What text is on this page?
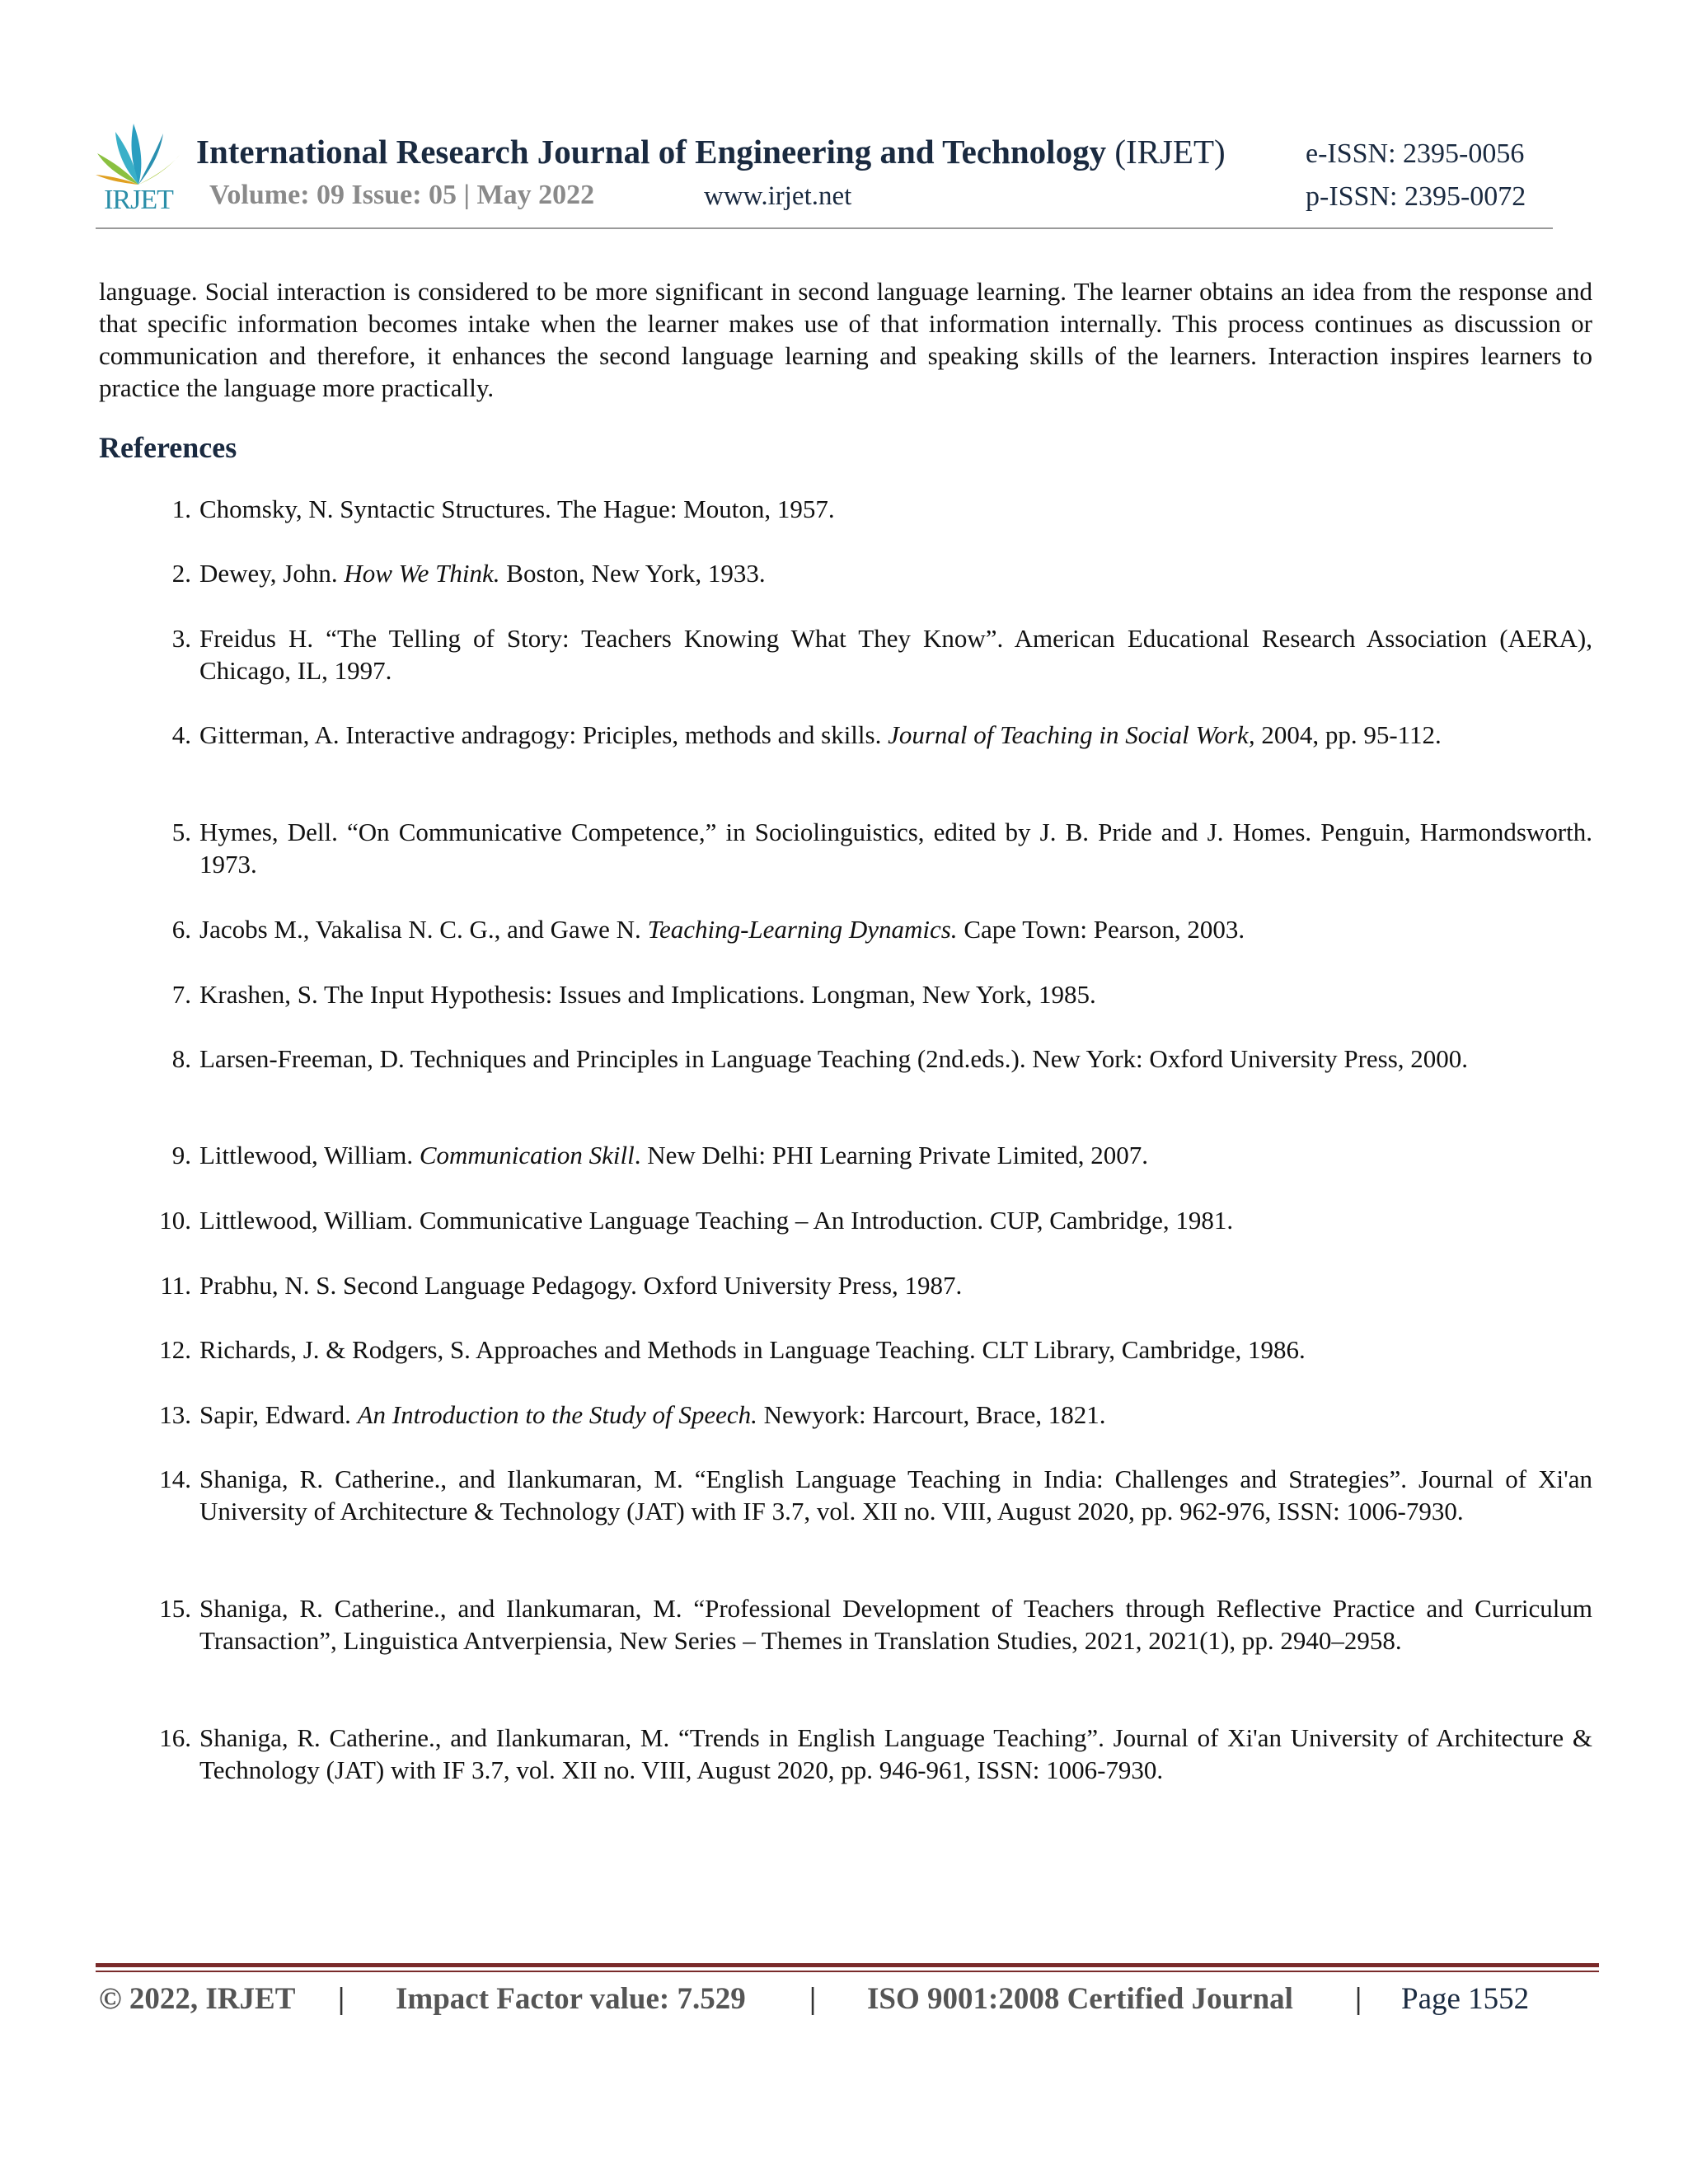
IRJET
International Research Journal of Engineering and Technology (IRJET)	e-ISSN: 2395-0056
Volume: 09 Issue: 05 | May 2022	www.irjet.net	p-ISSN: 2395-0072
language. Social interaction is considered to be more significant in second language learning. The learner obtains an idea from the response and that specific information becomes intake when the learner makes use of that information internally. This process continues as discussion or communication and therefore, it enhances the second language learning and speaking skills of the learners. Interaction inspires learners to practice the language more practically.
References
1. Chomsky, N. Syntactic Structures. The Hague: Mouton, 1957.
2. Dewey, John. How We Think. Boston, New York, 1933.
3. Freidus H. “The Telling of Story: Teachers Knowing What They Know”. American Educational Research Association (AERA), Chicago, IL, 1997.
4. Gitterman, A. Interactive andragogy: Priciples, methods and skills. Journal of Teaching in Social Work, 2004, pp. 95-112.
5. Hymes, Dell. “On Communicative Competence,” in Sociolinguistics, edited by J. B. Pride and J. Homes. Penguin, Harmondsworth. 1973.
6. Jacobs M., Vakalisa N. C. G., and Gawe N. Teaching-Learning Dynamics. Cape Town: Pearson, 2003.
7. Krashen, S. The Input Hypothesis: Issues and Implications. Longman, New York, 1985.
8. Larsen-Freeman, D. Techniques and Principles in Language Teaching (2nd.eds.). New York: Oxford University Press, 2000.
9. Littlewood, William. Communication Skill. New Delhi: PHI Learning Private Limited, 2007.
10. Littlewood, William. Communicative Language Teaching – An Introduction. CUP, Cambridge, 1981.
11. Prabhu, N. S. Second Language Pedagogy. Oxford University Press, 1987.
12. Richards, J. & Rodgers, S. Approaches and Methods in Language Teaching. CLT Library, Cambridge, 1986.
13. Sapir, Edward. An Introduction to the Study of Speech. Newyork: Harcourt, Brace, 1821.
14. Shaniga, R. Catherine., and Ilankumaran, M. “English Language Teaching in India: Challenges and Strategies”. Journal of Xi'an University of Architecture & Technology (JAT) with IF 3.7, vol. XII no. VIII, August 2020, pp. 962-976, ISSN: 1006-7930.
15. Shaniga, R. Catherine., and Ilankumaran, M. “Professional Development of Teachers through Reflective Practice and Curriculum Transaction”, Linguistica Antverpiensia, New Series – Themes in Translation Studies, 2021, 2021(1), pp. 2940–2958.
16. Shaniga, R. Catherine., and Ilankumaran, M. “Trends in English Language Teaching”. Journal of Xi'an University of Architecture & Technology (JAT) with IF 3.7, vol. XII no. VIII, August 2020, pp. 946-961, ISSN: 1006-7930.
© 2022, IRJET | Impact Factor value: 7.529 | ISO 9001:2008 Certified Journal | Page 1552
